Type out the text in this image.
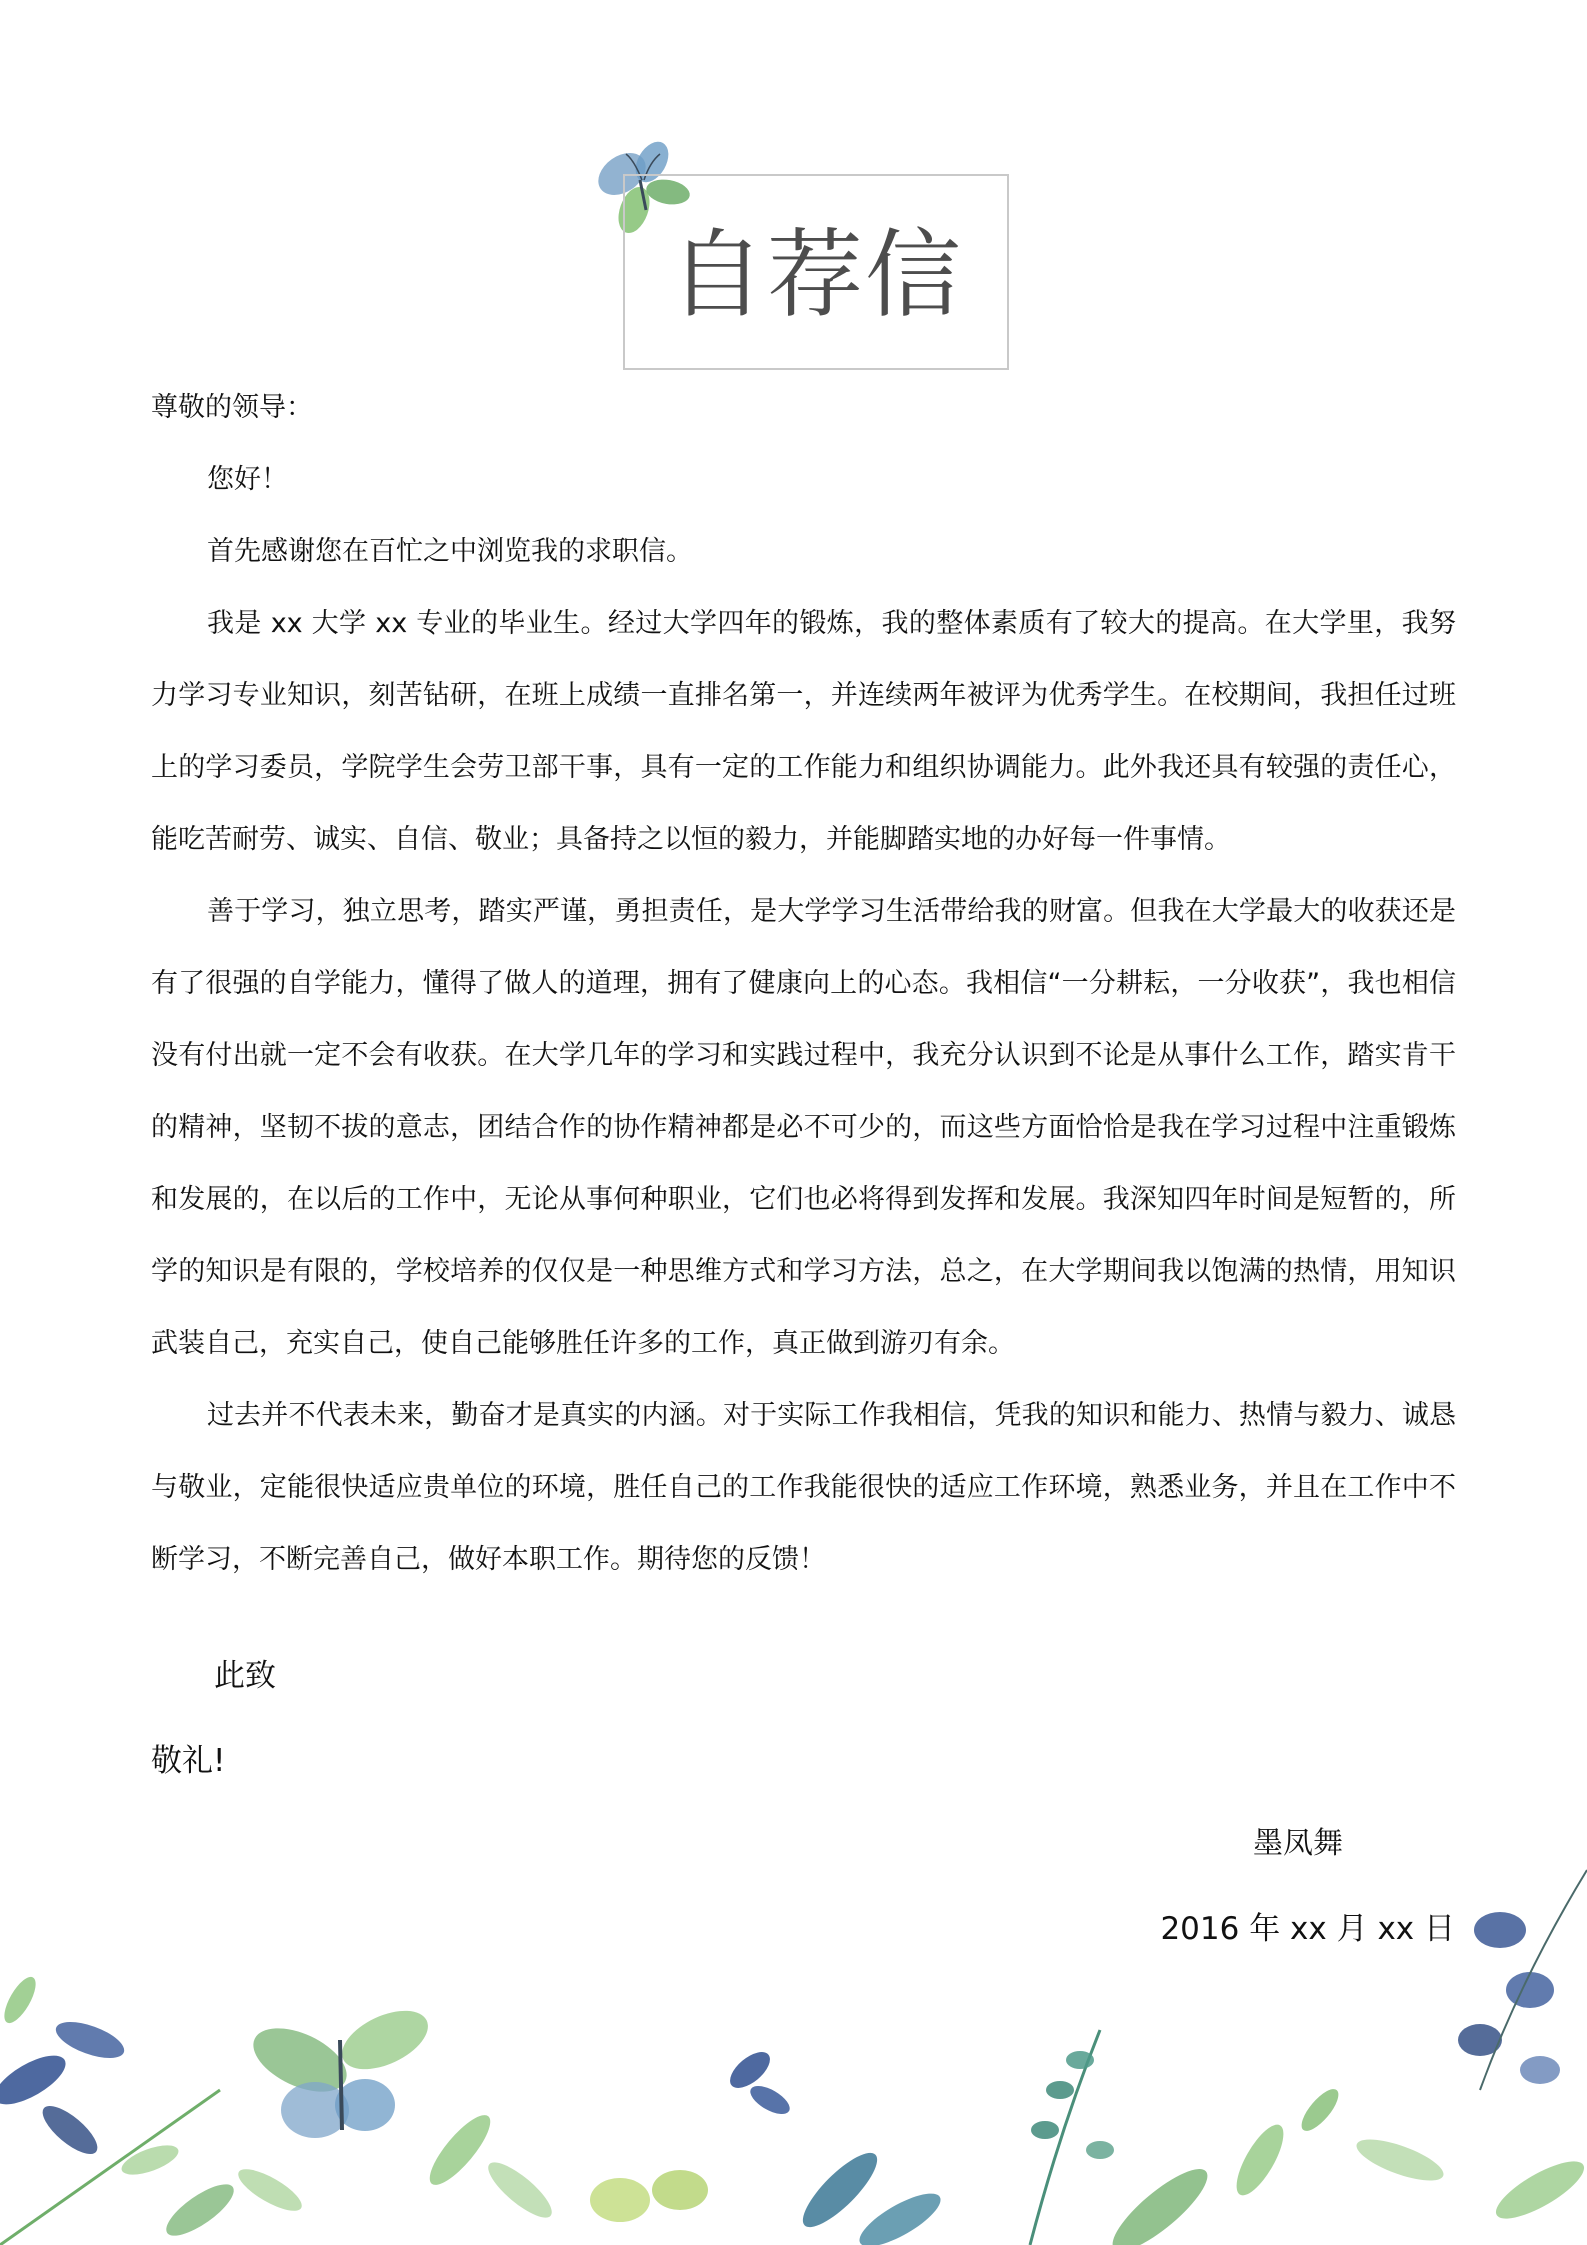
自荐信

尊敬的领导：

您好！

首先感谢您在百忙之中浏览我的求职信。

我是 xx 大学 xx 专业的毕业生。经过大学四年的锻炼，我的整体素质有了较大的提高。在大学里，我努力学习专业知识，刻苦钻研，在班上成绩一直排名第一，并连续两年被评为优秀学生。在校期间，我担任过班上的学习委员，学院学生会劳卫部干事，具有一定的工作能力和组织协调能力。此外我还具有较强的责任心，能吃苦耐劳、诚实、自信、敬业；具备持之以恒的毅力，并能脚踏实地的办好每一件事情。

善于学习，独立思考，踏实严谨，勇担责任，是大学学习生活带给我的财富。但我在大学最大的收获还是有了很强的自学能力，懂得了做人的道理，拥有了健康向上的心态。我相信“一分耕耘，一分收获”，我也相信没有付出就一定不会有收获。在大学几年的学习和实践过程中，我充分认识到不论是从事什么工作，踏实肯干的精神，坚韧不拔的意志，团结合作的协作精神都是必不可少的，而这些方面恰恰是我在学习过程中注重锻炼和发展的，在以后的工作中，无论从事何种职业，它们也必将得到发挥和发展。我深知四年时间是短暂的，所学的知识是有限的，学校培养的仅仅是一种思维方式和学习方法，总之，在大学期间我以饱满的热情，用知识武装自己，充实自己，使自己能够胜任许多的工作，真正做到游刃有余。

过去并不代表未来，勤奋才是真实的内涵。对于实际工作我相信，凭我的知识和能力、热情与毅力、诚恳与敬业，定能很快适应贵单位的环境，胜任自己的工作我能很快的适应工作环境，熟悉业务，并且在工作中不断学习，不断完善自己，做好本职工作。期待您的反馈！

此致
敬礼!
墨凤舞
2016 年 xx 月 xx 日
